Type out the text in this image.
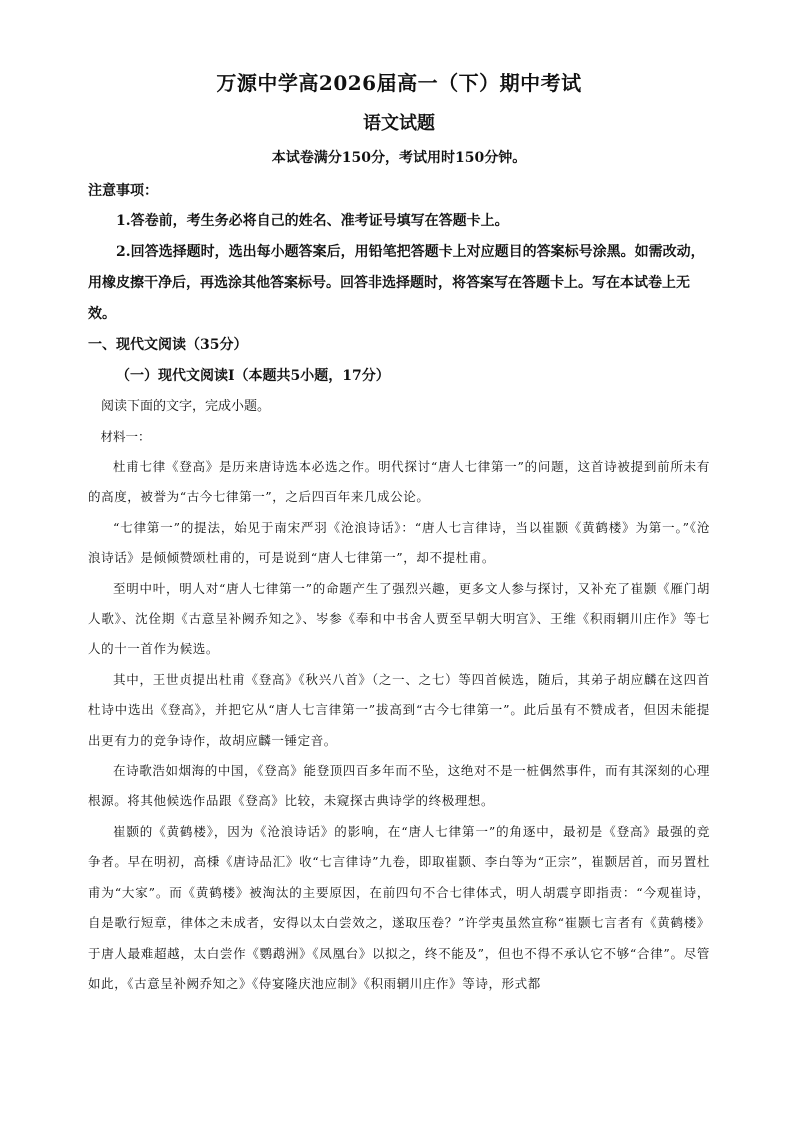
万源中学高2026届高一（下）期中考试
语文试题

本试卷满分150分，考试用时150分钟。

注意事项：

1.答卷前，考生务必将自己的姓名、准考证号填写在答题卡上。

2.回答选择题时，选出每小题答案后，用铅笔把答题卡上对应题目的答案标号涂黑。如需改动，用橡皮擦干净后，再选涂其他答案标号。回答非选择题时，将答案写在答题卡上。写在本试卷上无效。

一、现代文阅读（35分）

（一）现代文阅读Ⅰ（本题共5小题，17分）

阅读下面的文字，完成小题。

材料一：

杜甫七律《登高》是历来唐诗选本必选之作。明代探讨“唐人七律第一”的问题，这首诗被提到前所未有的高度，被誉为“古今七律第一”，之后四百年来几成公论。

“七律第一”的提法，始见于南宋严羽《沧浪诗话》：“唐人七言律诗，当以崔颢《黄鹤楼》为第一。”《沧浪诗话》是倾倾赞颂杜甫的，可是说到“唐人七律第一”，却不提杜甫。

至明中叶，明人对“唐人七律第一”的命题产生了强烈兴趣，更多文人参与探讨，又补充了崔颢《雁门胡人歌》、沈佺期《古意呈补阙乔知之》、岑参《奉和中书舍人贾至早朝大明宫》、王维《积雨辋川庄作》等七人的十一首作为候选。

其中，王世贞提出杜甫《登高》《秋兴八首》（之一、之七）等四首候选，随后，其弟子胡应麟在这四首杜诗中选出《登高》，并把它从“唐人七言律第一”拔高到“古今七律第一”。此后虽有不赞成者，但因未能提出更有力的竞争诗作，故胡应麟一锤定音。

在诗歌浩如烟海的中国，《登高》能登顶四百多年而不坠，这绝对不是一桩偶然事件，而有其深刻的心理根源。将其他候选作品跟《登高》比较，未窥探古典诗学的终极理想。

崔颢的《黄鹤楼》，因为《沧浪诗话》的影响，在“唐人七律第一”的角逐中，最初是《登高》最强的竞争者。早在明初，高棅《唐诗品汇》收“七言律诗”九卷，即取崔颢、李白等为“正宗”，崔颢居首，而另置杜甫为“大家”。而《黄鹤楼》被淘汰的主要原因，在前四句不合七律体式，明人胡震亨即指责：“今观崔诗，自是歌行短章，律体之未成者，安得以太白尝效之，遂取压卷？”许学夷虽然宣称“崔颢七言者有《黄鹤楼》于唐人最难超越，太白尝作《鹦鹉洲》《凤凰台》以拟之，终不能及”，但也不得不承认它不够“合律”。尽管如此，《古意呈补阙乔知之》《侍宴隆庆池应制》《积雨辋川庄作》等诗，形式都
